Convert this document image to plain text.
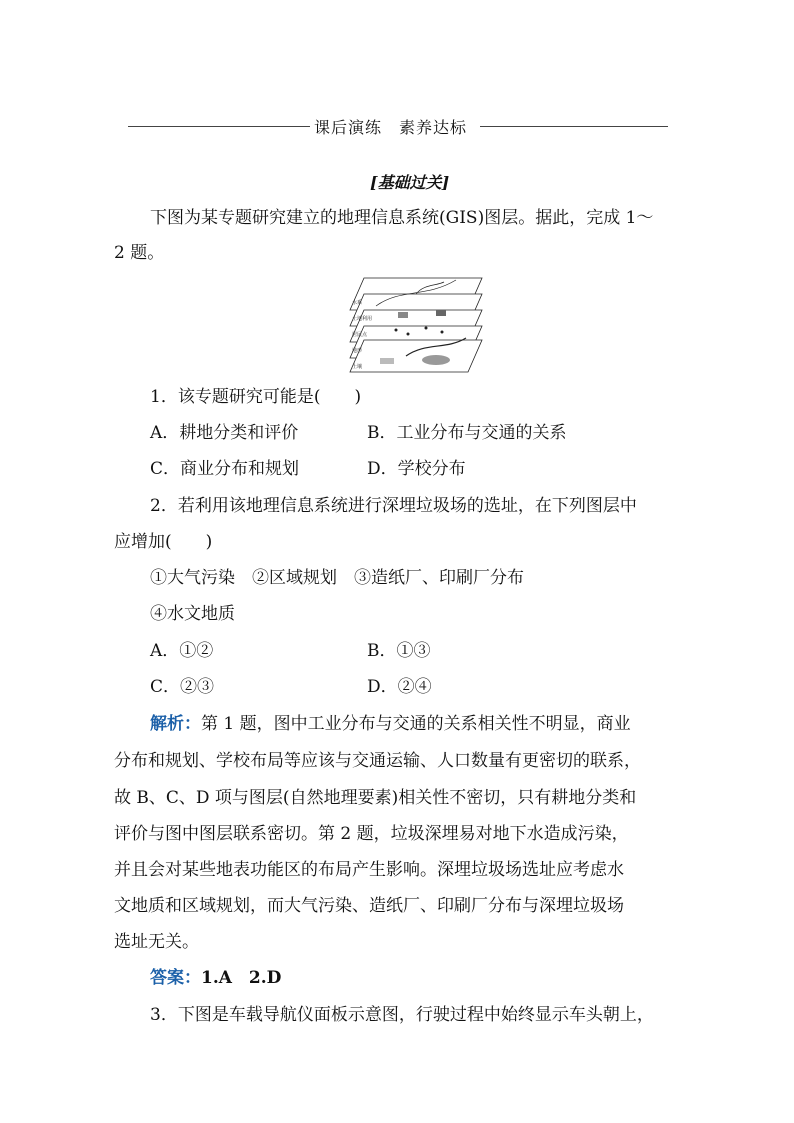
课后演练　素养达标
[基础过关]
下图为某专题研究建立的地理信息系统(GIS)图层。据此，完成 1～
2 题。
水系
土地利用
居民点
地形
土壤
1．该专题研究可能是(　　)
A．耕地分类和评价	B．工业分布与交通的关系
C．商业分布和规划	D．学校分布
2．若利用该地理信息系统进行深埋垃圾场的选址，在下列图层中
应增加(　　)
①大气污染　②区域规划　③造纸厂、印刷厂分布
④水文地质
A．①②	B．①③
C．②③	D．②④
解析：第 1 题，图中工业分布与交通的关系相关性不明显，商业
分布和规划、学校布局等应该与交通运输、人口数量有更密切的联系，
故 B、C、D 项与图层(自然地理要素)相关性不密切，只有耕地分类和
评价与图中图层联系密切。第 2 题，垃圾深埋易对地下水造成污染，
并且会对某些地表功能区的布局产生影响。深埋垃圾场选址应考虑水
文地质和区域规划，而大气污染、造纸厂、印刷厂分布与深埋垃圾场
选址无关。
答案：1.A　2.D
3．下图是车载导航仪面板示意图，行驶过程中始终显示车头朝上，
